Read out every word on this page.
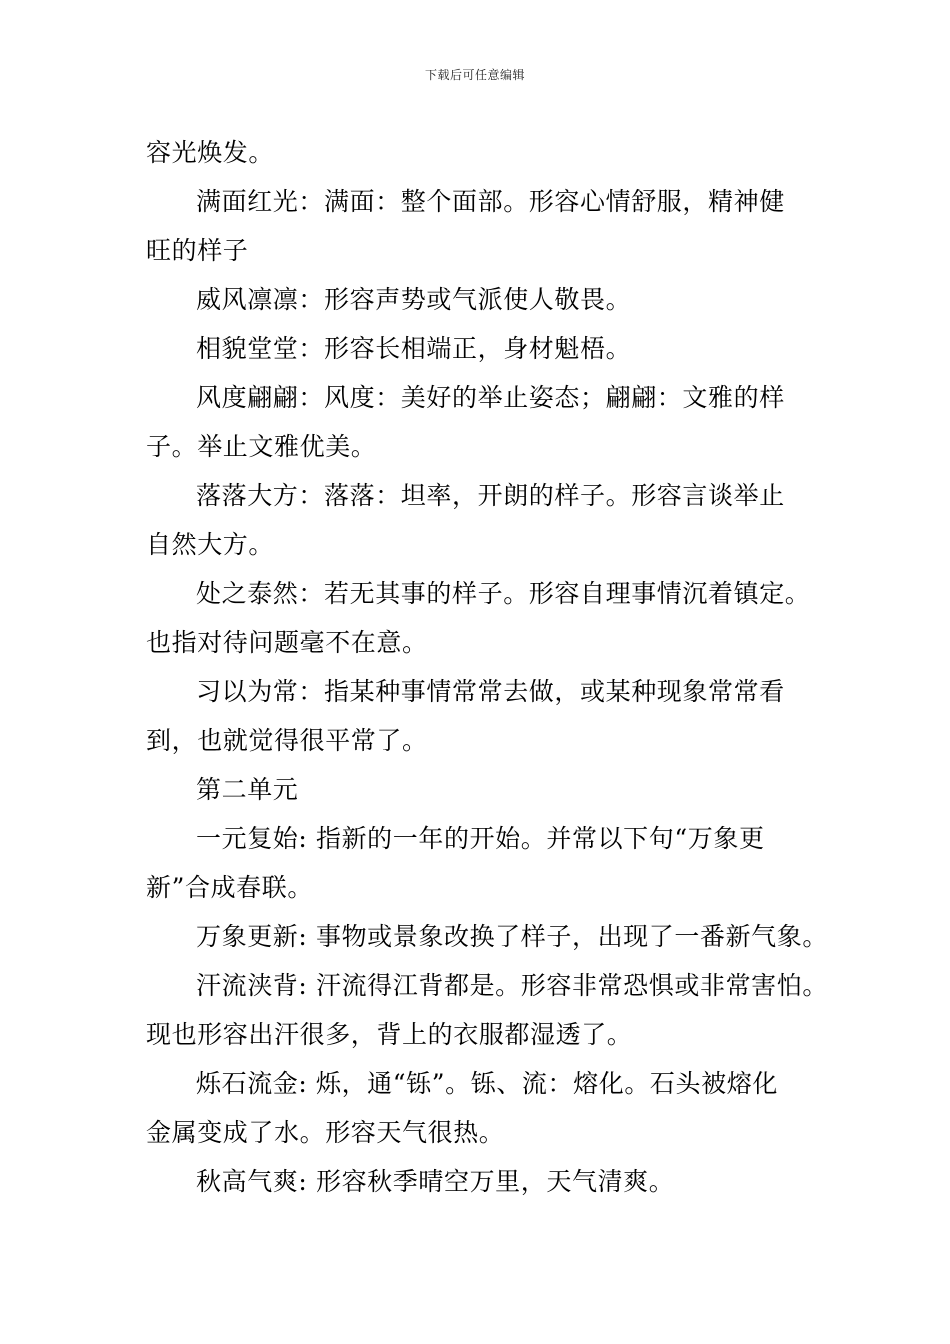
下载后可任意编辑

容光焕发。

满面红光：满面：整个面部。形容心情舒服，精神健
旺的样子

威风凛凛：形容声势或气派使人敬畏。

相貌堂堂：形容长相端正，身材魁梧。

风度翩翩：风度：美好的举止姿态；翩翩：文雅的样
子。举止文雅优美。

落落大方：落落：坦率，开朗的样子。形容言谈举止
自然大方。

处之泰然：若无其事的样子。形容自理事情沉着镇定。
也指对待问题毫不在意。

习以为常：指某种事情常常去做，或某种现象常常看
到，也就觉得很平常了。

第二单元

一元复始: 指新的一年的开始。并常以下句“万象更
新”合成春联。

万象更新: 事物或景象改换了样子，出现了一番新气象。

汗流浃背: 汗流得江背都是。形容非常恐惧或非常害怕。
现也形容出汗很多，背上的衣服都湿透了。

烁石流金: 烁，通“铄”。铄、流：熔化。石头被熔化
金属变成了水。形容天气很热。

秋高气爽: 形容秋季晴空万里，天气清爽。
